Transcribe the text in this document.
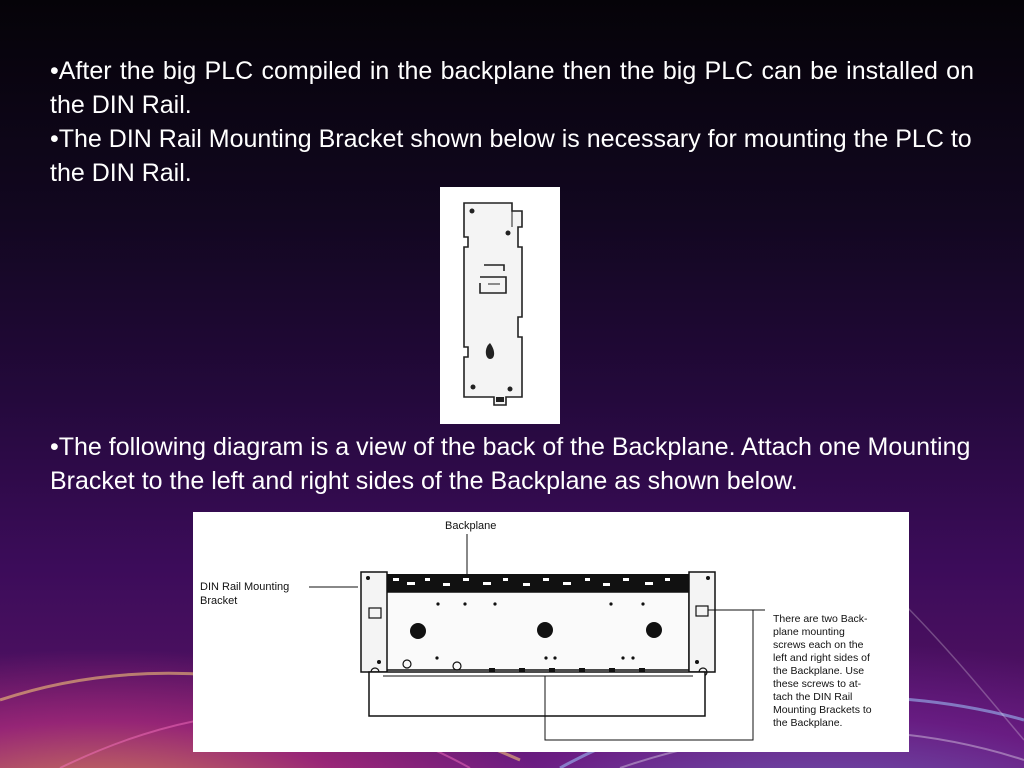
•After the big PLC compiled in the backplane then the big PLC can be installed on the DIN Rail.

•The DIN Rail Mounting Bracket shown below is necessary for mounting the PLC to the DIN Rail.

•The following diagram is a view of the back of the Backplane. Attach one Mounting Bracket to the left and right sides of the Backplane as shown below.

Backplane
DIN Rail Mounting
Bracket
There are two Back-
plane mounting
screws each on the
left and right sides of
the Backplane. Use
these screws to at-
tach the DIN Rail
Mounting Brackets to
the Backplane.
